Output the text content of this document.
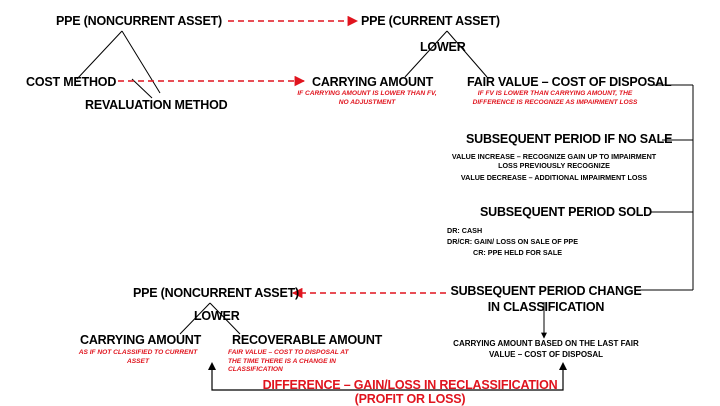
PPE (NONCURRENT ASSET)	PPE (CURRENT ASSET)
LOWER
COST METHOD
REVALUATION METHOD
CARRYING AMOUNT
IF CARRYING AMOUNT IS LOWER THAN FV, NO ADJUSTMENT
FAIR VALUE – COST OF DISPOSAL
IF FV IS LOWER THAN CARRYING AMOUNT, THE DIFFERENCE IS RECOGNIZE AS IMPAIRMENT LOSS
SUBSEQUENT PERIOD IF NO SALE
VALUE INCREASE – RECOGNIZE GAIN UP TO IMPAIRMENT LOSS PREVIOUSLY RECOGNIZE
VALUE DECREASE – ADDITIONAL IMPAIRMENT LOSS
SUBSEQUENT PERIOD SOLD
DR: CASH
DR/CR: GAIN/ LOSS ON SALE OF PPE
CR: PPE HELD FOR SALE
SUBSEQUENT PERIOD CHANGE IN CLASSIFICATION
PPE (NONCURRENT ASSET)
LOWER
CARRYING AMOUNT
AS IF NOT CLASSIFIED TO CURRENT ASSET
RECOVERABLE AMOUNT
FAIR VALUE – COST TO DISPOSAL AT THE TIME THERE IS A CHANGE IN CLASSIFICATION
CARRYING AMOUNT BASED ON THE LAST FAIR VALUE – COST OF DISPOSAL
DIFFERENCE – GAIN/LOSS IN RECLASSIFICATION
(PROFIT OR LOSS)
